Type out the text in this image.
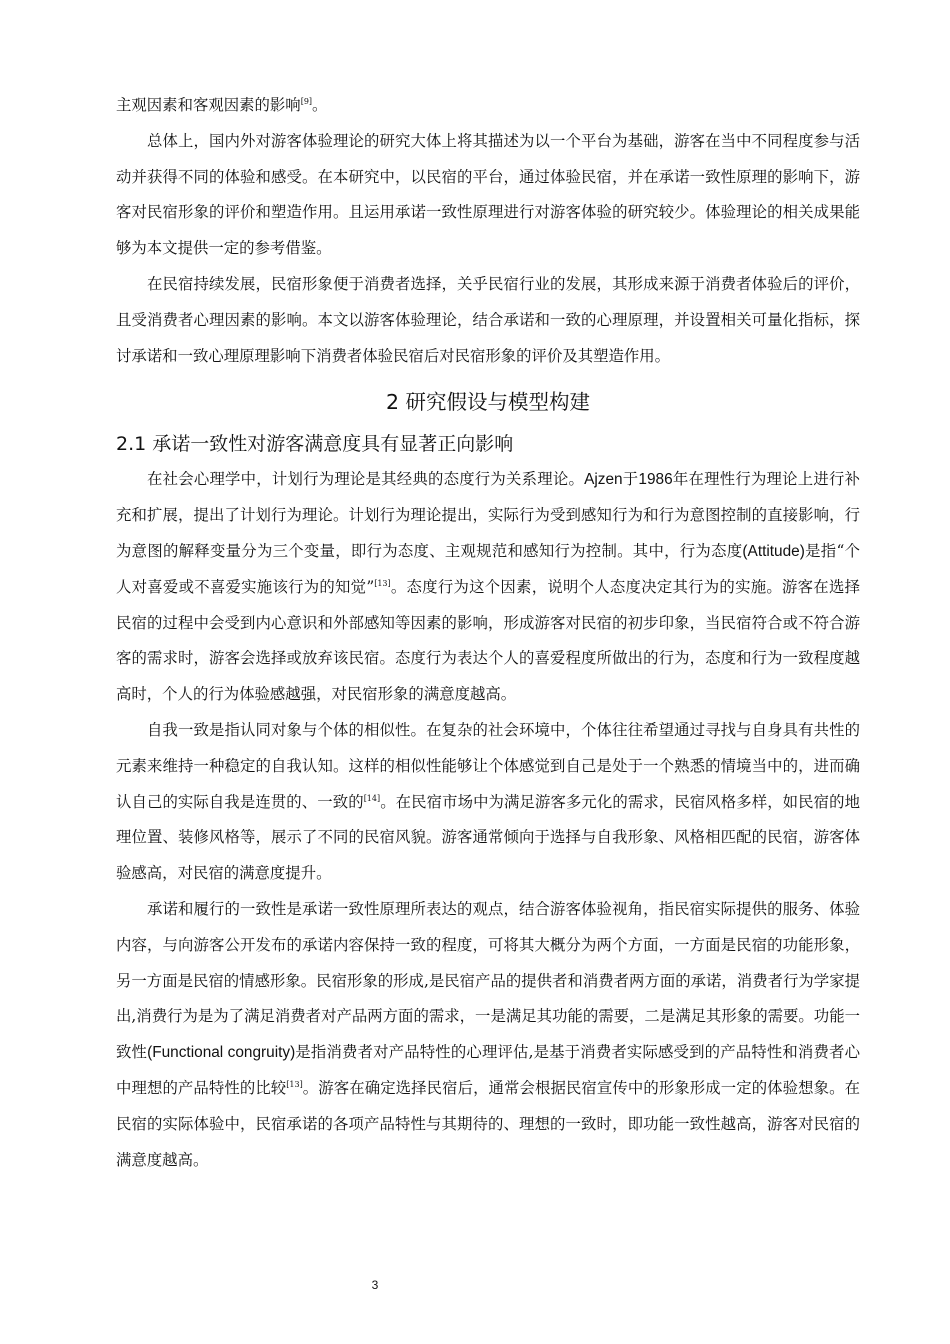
主观因素和客观因素的影响[9]。

总体上，国内外对游客体验理论的研究大体上将其描述为以一个平台为基础，游客在当中不同程度参与活动并获得不同的体验和感受。在本研究中，以民宿的平台，通过体验民宿，并在承诺一致性原理的影响下，游客对民宿形象的评价和塑造作用。且运用承诺一致性原理进行对游客体验的研究较少。体验理论的相关成果能够为本文提供一定的参考借鉴。

在民宿持续发展，民宿形象便于消费者选择，关乎民宿行业的发展，其形成来源于消费者体验后的评价，且受消费者心理因素的影响。本文以游客体验理论，结合承诺和一致的心理原理，并设置相关可量化指标，探讨承诺和一致心理原理影响下消费者体验民宿后对民宿形象的评价及其塑造作用。

2 研究假设与模型构建
2.1 承诺一致性对游客满意度具有显著正向影响

在社会心理学中，计划行为理论是其经典的态度行为关系理论。Ajzen于1986年在理性行为理论上进行补充和扩展，提出了计划行为理论。计划行为理论提出，实际行为受到感知行为和行为意图控制的直接影响，行为意图的解释变量分为三个变量，即行为态度、主观规范和感知行为控制。其中，行为态度(Attitude)是指“个人对喜爱或不喜爱实施该行为的知觉”[13]。态度行为这个因素，说明个人态度决定其行为的实施。游客在选择民宿的过程中会受到内心意识和外部感知等因素的影响，形成游客对民宿的初步印象，当民宿符合或不符合游客的需求时，游客会选择或放弃该民宿。态度行为表达个人的喜爱程度所做出的行为，态度和行为一致程度越高时，个人的行为体验感越强，对民宿形象的满意度越高。

自我一致是指认同对象与个体的相似性。在复杂的社会环境中，个体往往希望通过寻找与自身具有共性的元素来维持一种稳定的自我认知。这样的相似性能够让个体感觉到自己是处于一个熟悉的情境当中的，进而确认自己的实际自我是连贯的、一致的[14]。在民宿市场中为满足游客多元化的需求，民宿风格多样，如民宿的地理位置、装修风格等，展示了不同的民宿风貌。游客通常倾向于选择与自我形象、风格相匹配的民宿，游客体验感高，对民宿的满意度提升。

承诺和履行的一致性是承诺一致性原理所表达的观点，结合游客体验视角，指民宿实际提供的服务、体验内容，与向游客公开发布的承诺内容保持一致的程度，可将其大概分为两个方面，一方面是民宿的功能形象，另一方面是民宿的情感形象。民宿形象的形成,是民宿产品的提供者和消费者两方面的承诺，消费者行为学家提出,消费行为是为了满足消费者对产品两方面的需求，一是满足其功能的需要，二是满足其形象的需要。功能一致性(Functional congruity)是指消费者对产品特性的心理评估,是基于消费者实际感受到的产品特性和消费者心中理想的产品特性的比较[13]。游客在确定选择民宿后，通常会根据民宿宣传中的形象形成一定的体验想象。在民宿的实际体验中，民宿承诺的各项产品特性与其期待的、理想的一致时，即功能一致性越高，游客对民宿的满意度越高。

3
